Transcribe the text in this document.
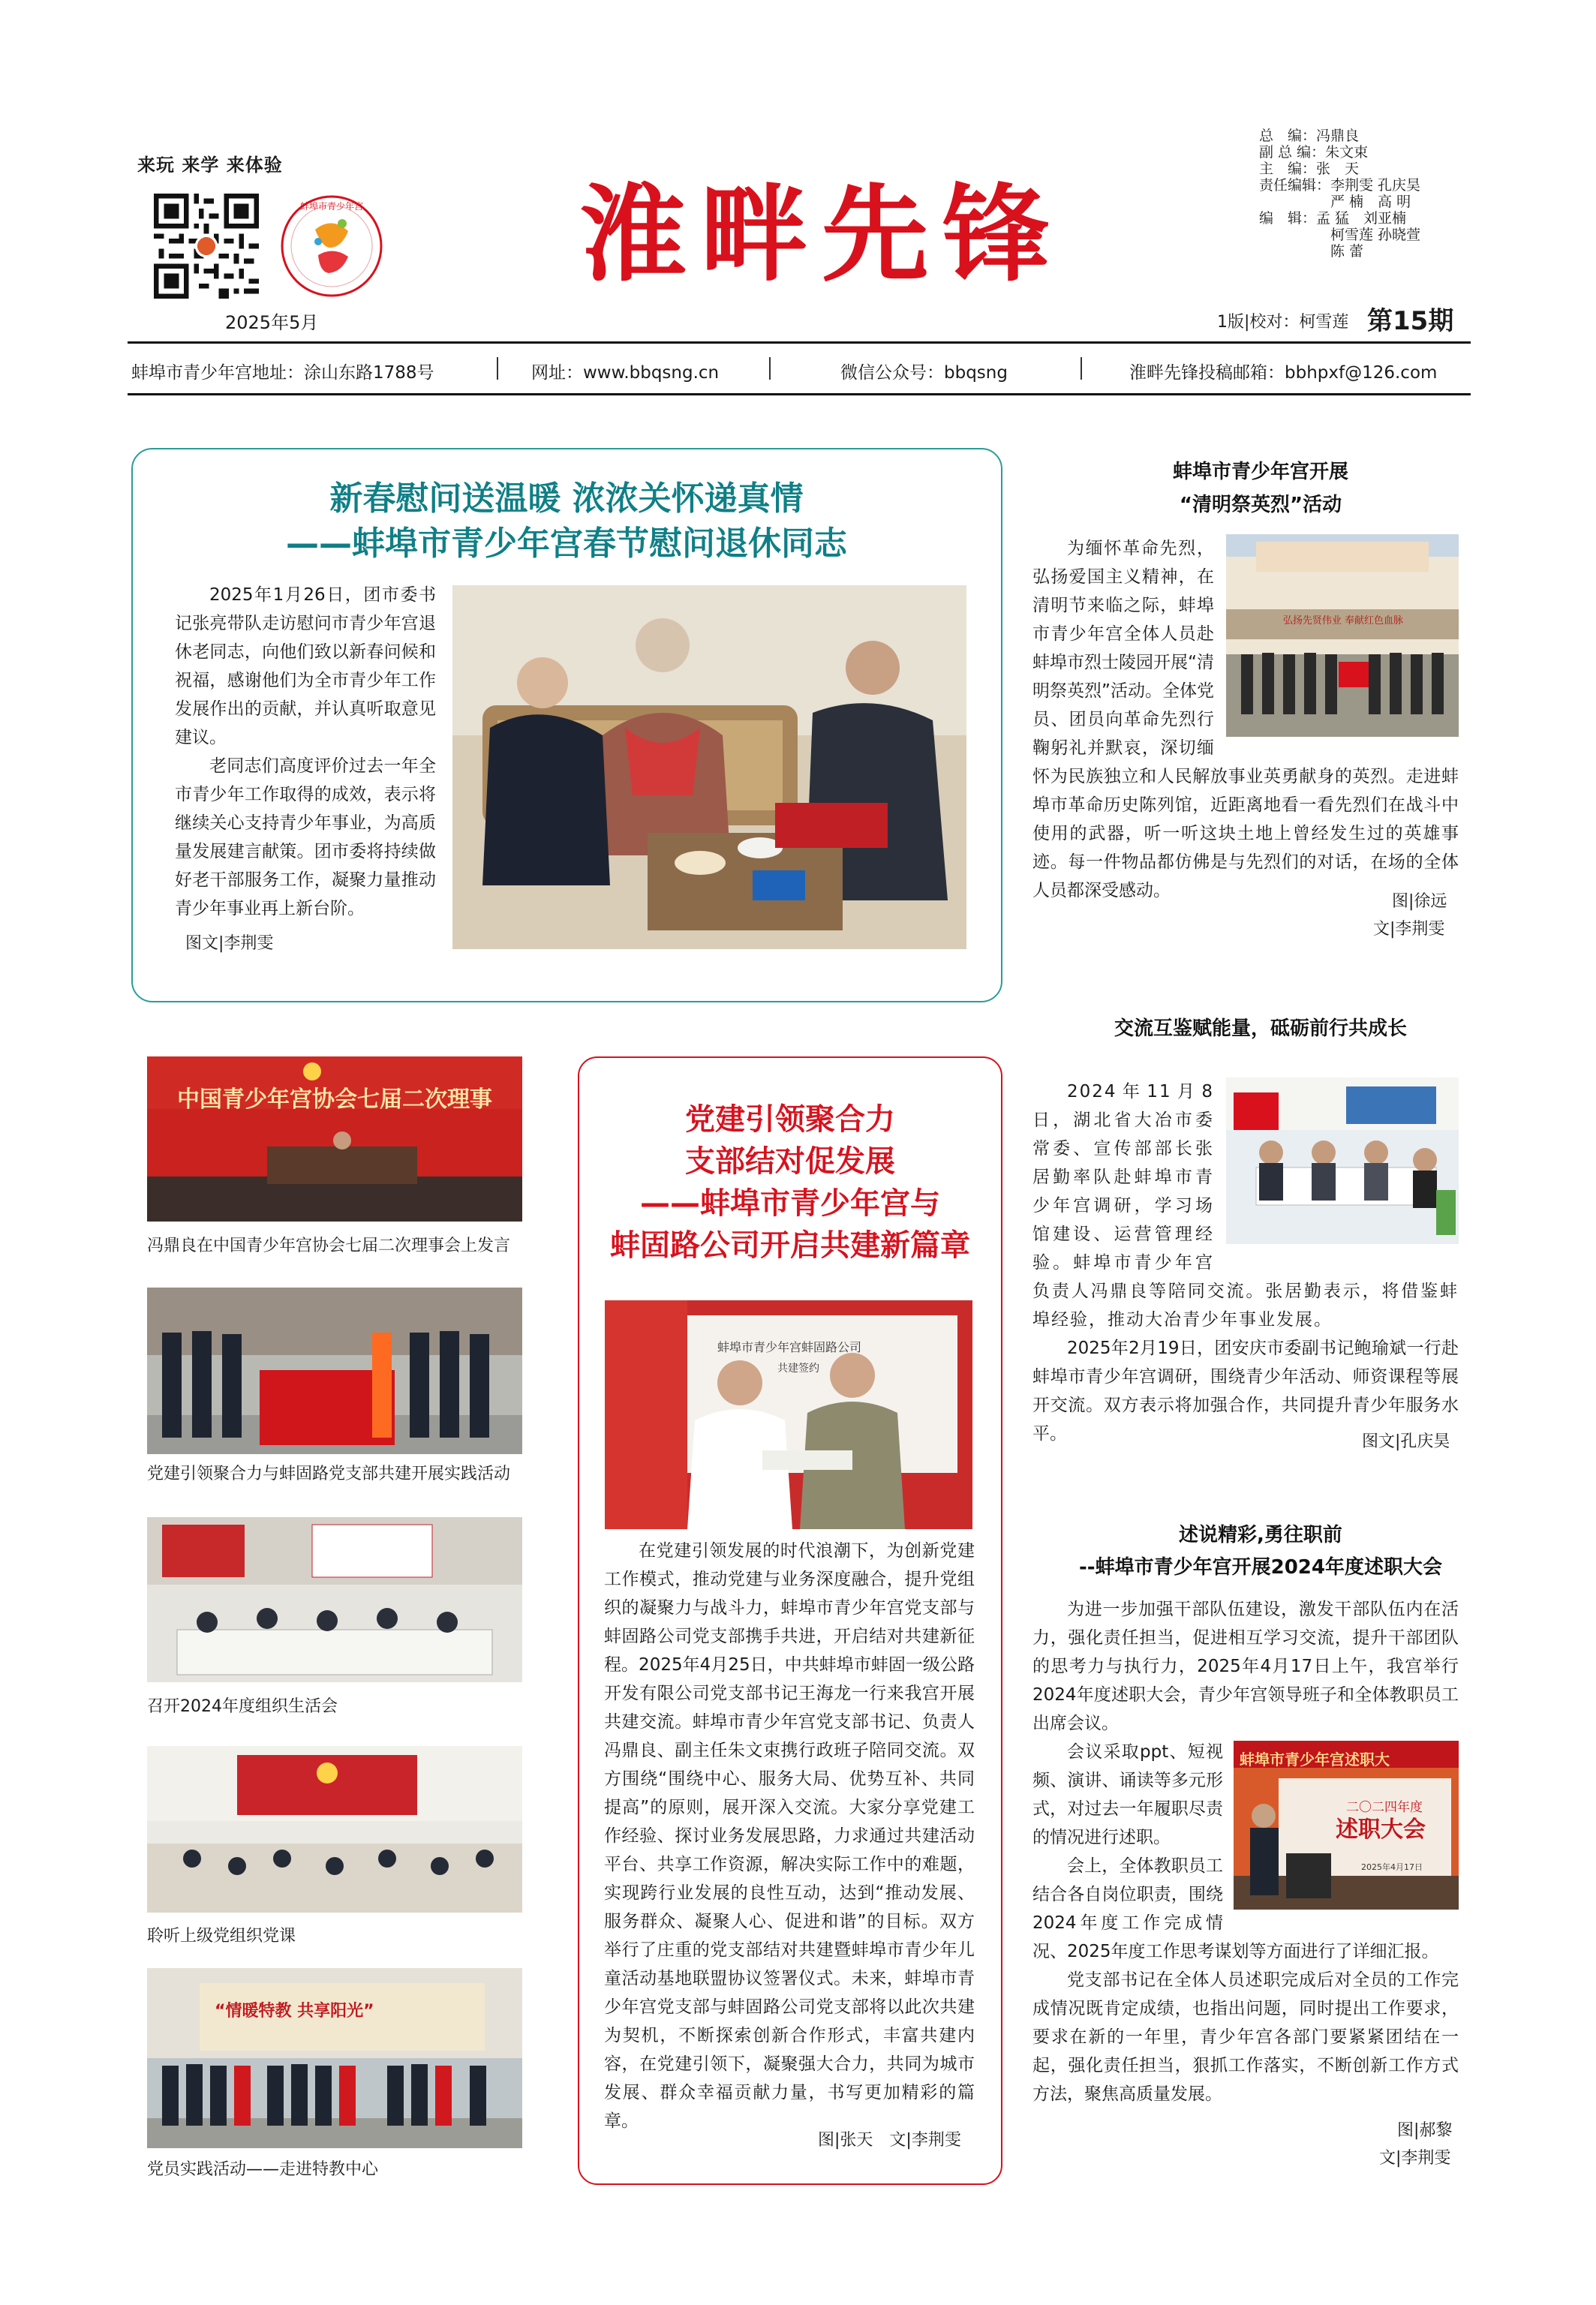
来玩 来学 来体验
蚌埠市青少年宫	淮畔先锋
2025年5月
总　编：冯鼎良
副 总 编：朱文束
主　编：张　天
责任编辑：李荆雯 孔庆昊
　　　　　严 楠　高 明
编　辑：孟 猛　刘亚楠
　　　　　柯雪莲 孙晓萱
　　　　　陈 蕾
1版|校对：柯雪莲 第15期
蚌埠市青少年宫地址：涂山东路1788号	网址：www.bbqsng.cn	微信公众号：bbqsng	淮畔先锋投稿邮箱：bbhpxf@126.com
新春慰问送温暖 浓浓关怀递真情
——蚌埠市青少年宫春节慰问退休同志

2025年1月26日，团市委书记张亮带队走访慰问市青少年宫退休老同志，向他们致以新春问候和祝福，感谢他们为全市青少年工作发展作出的贡献，并认真听取意见建议。

老同志们高度评价过去一年全市青少年工作取得的成效，表示将继续关心支持青少年事业，为高质量发展建言献策。团市委将持续做好老干部服务工作，凝聚力量推动青少年事业再上新台阶。

图文|李荆雯
蚌埠市青少年宫开展
“清明祭英烈”活动
弘扬先贤伟业 奉献红色血脉

为缅怀革命先烈，弘扬爱国主义精神，在清明节来临之际，蚌埠市青少年宫全体人员赴蚌埠市烈士陵园开展“清明祭英烈”活动。全体党员、团员向革命先烈行鞠躬礼并默哀，深切缅怀为民族独立和人民解放事业英勇献身的英烈。走进蚌埠市革命历史陈列馆，近距离地看一看先烈们在战斗中使用的武器，听一听这块土地上曾经发生过的英雄事迹。每一件物品都仿佛是与先烈们的对话，在场的全体人员都深受感动。

图|徐远
文|李荆雯
交流互鉴赋能量，砥砺前行共成长

2024年11月8日，湖北省大冶市委常委、宣传部部长张居勤率队赴蚌埠市青少年宫调研，学习场馆建设、运营管理经验。蚌埠市青少年宫负责人冯鼎良等陪同交流。张居勤表示，将借鉴蚌埠经验，推动大冶青少年事业发展。

2025年2月19日，团安庆市委副书记鲍瑜斌一行赴蚌埠市青少年宫调研，围绕青少年活动、师资课程等展开交流。双方表示将加强合作，共同提升青少年服务水平。	图文|孔庆昊
述说精彩,勇往职前
--蚌埠市青少年宫开展2024年度述职大会

为进一步加强干部队伍建设，激发干部队伍内在活力，强化责任担当，促进相互学习交流，提升干部团队的思考力与执行力，2025年4月17日上午，我宫举行2024年度述职大会，青少年宫领导班子和全体教职员工出席会议。

蚌埠市青少年宫述职大
二〇二四年度
述职大会
2025年4月17日

会议采取ppt、短视频、演讲、诵读等多元形式，对过去一年履职尽责的情况进行述职。

会上，全体教职员工结合各自岗位职责，围绕2024年度工作完成情况、2025年度工作思考谋划等方面进行了详细汇报。

党支部书记在全体人员述职完成后对全员的工作完成情况既肯定成绩，也指出问题，同时提出工作要求，要求在新的一年里，青少年宫各部门要紧紧团结在一起，强化责任担当，狠抓工作落实，不断创新工作方式方法，聚焦高质量发展。

图|郝黎
文|李荆雯
党建引领聚合力
支部结对促发展
——蚌埠市青少年宫与
蚌固路公司开启共建新篇章
蚌埠市青少年宫蚌固路公司
共建签约

在党建引领发展的时代浪潮下，为创新党建工作模式，推动党建与业务深度融合，提升党组织的凝聚力与战斗力，蚌埠市青少年宫党支部与蚌固路公司党支部携手共进，开启结对共建新征程。2025年4月25日，中共蚌埠市蚌固一级公路开发有限公司党支部书记王海龙一行来我宫开展共建交流。蚌埠市青少年宫党支部书记、负责人冯鼎良、副主任朱文束携行政班子陪同交流。双方围绕“围绕中心、服务大局、优势互补、共同提高”的原则，展开深入交流。大家分享党建工作经验、探讨业务发展思路，力求通过共建活动平台、共享工作资源，解决实际工作中的难题，实现跨行业发展的良性互动，达到“推动发展、服务群众、凝聚人心、促进和谐”的目标。双方举行了庄重的党支部结对共建暨蚌埠市青少年儿童活动基地联盟协议签署仪式。未来，蚌埠市青少年宫党支部与蚌固路公司党支部将以此次共建为契机，不断探索创新合作形式，丰富共建内容，在党建引领下，凝聚强大合力，共同为城市发展、群众幸福贡献力量，书写更加精彩的篇章。

图|张天　文|李荆雯
中国青少年宫协会七届二次理事
冯鼎良在中国青少年宫协会七届二次理事会上发言
党建引领聚合力与蚌固路党支部共建开展实践活动
召开2024年度组织生活会
聆听上级党组织党课
“情暖特教 共享阳光”
党员实践活动——走进特教中心
